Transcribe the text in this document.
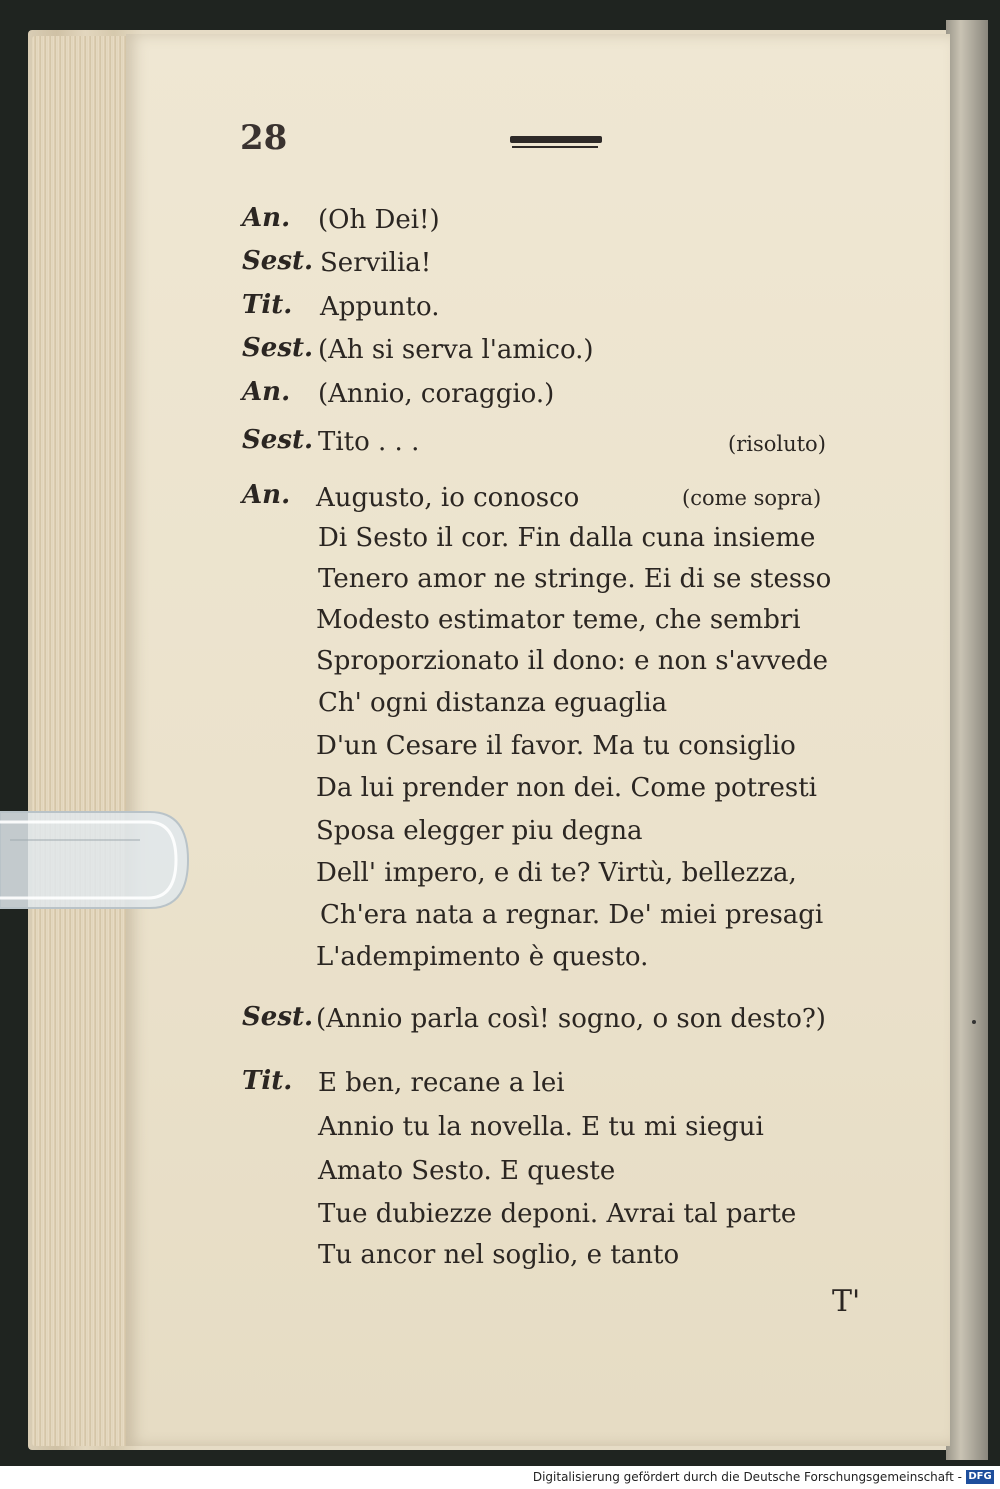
28
An.
Sest.
Tit.
Sest.
An.
Sest.
An.
Sest.
Tit.
(Oh Dei!)
Servilia!
Appunto.
(Ah si serva l'amico.)
(Annio, coraggio.)
Tito . . .	(risoluto)
Augusto, io conosco	(come sopra)
Di Sesto il cor. Fin dalla cuna insieme
Tenero amor ne stringe. Ei di se stesso
Modesto estimator teme, che sembri
Sproporzionato il dono: e non s'avvede
Ch' ogni distanza eguaglia
D'un Cesare il favor. Ma tu consiglio
Da lui prender non dei. Come potresti
Sposa elegger piu degna
Dell' impero, e di te? Virtù, bellezza,
Ch'era nata a regnar. De' miei presagi
L'adempimento è questo.
(Annio parla così! sogno, o son desto?)
E ben, recane a lei
Annio tu la novella. E tu mi siegui
Amato Sesto. E queste
Tue dubiezze deponi. Avrai tal parte
Tu ancor nel soglio, e tanto
T'
Digitalisierung gefördert durch die Deutsche Forschungsgemeinschaft - DFG
